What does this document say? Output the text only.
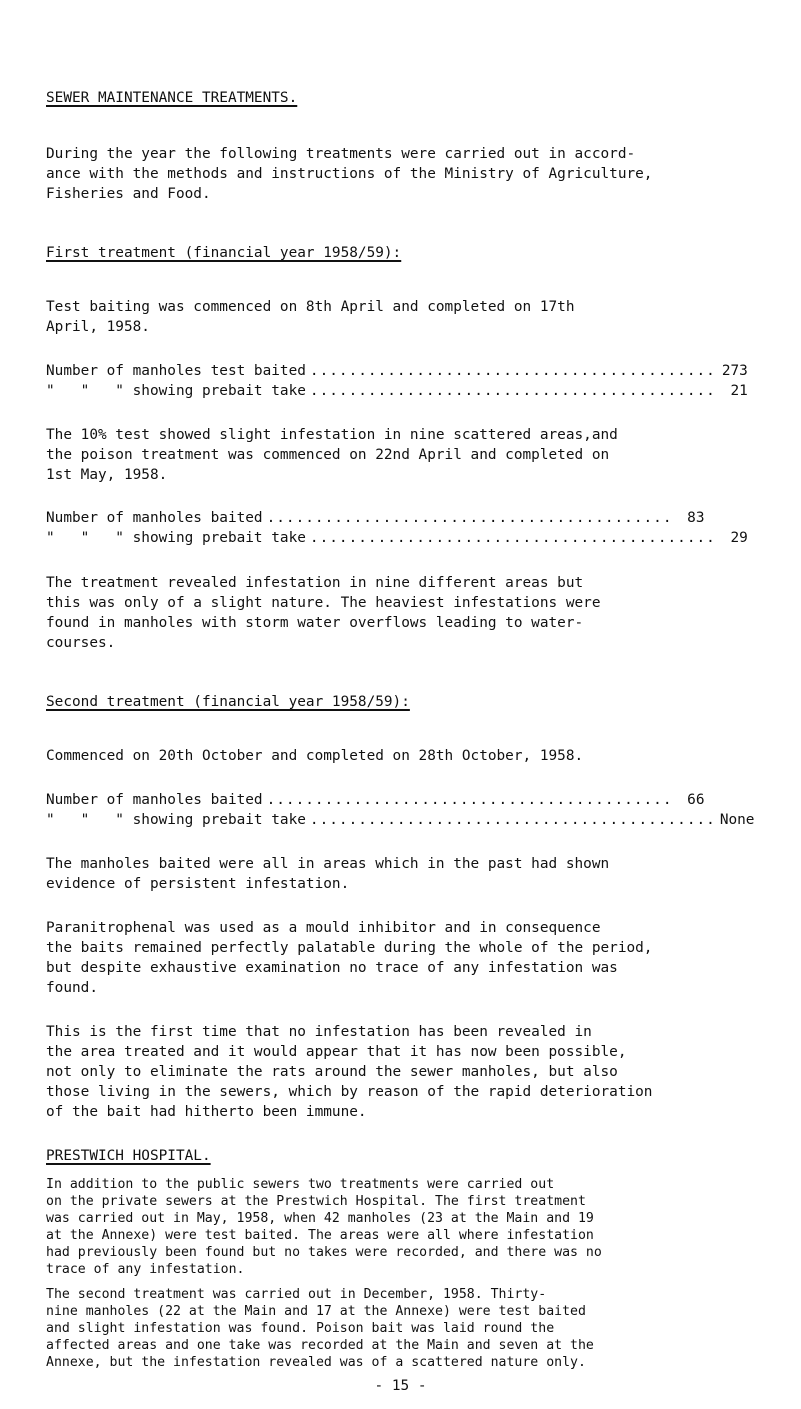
SEWER MAINTENANCE TREATMENTS.

During the year the following treatments were carried out in accord-
ance with the methods and instructions of the Ministry of Agriculture,
Fisheries and Food.

First treatment (financial year 1958/59):

Test baiting was commenced on 8th April and completed on 17th
April, 1958.

Number of manholes test baited .......................................... 273
"   "   " showing prebait take ..........................................	21

The 10% test showed slight infestation in nine scattered areas,and
the poison treatment was commenced on 22nd April and completed on
1st May, 1958.

Number of manholes baited ..........................................	83
"   "   " showing prebait take ..........................................	29

The treatment revealed infestation in nine different areas but
this was only of a slight nature. The heaviest infestations were
found in manholes with storm water overflows leading to water-
courses.

Second treatment (financial year 1958/59):

Commenced on 20th October and completed on 28th October, 1958.

Number of manholes baited ..........................................	66
"   "   " showing prebait take .......................................... None

The manholes baited were all in areas which in the past had shown
evidence of persistent infestation.

Paranitrophenal was used as a mould inhibitor and in consequence
the baits remained perfectly palatable during the whole of the period,
but despite exhaustive examination no trace of any infestation was
found.

This is the first time that no infestation has been revealed in
the area treated and it would appear that it has now been possible,
not only to eliminate the rats around the sewer manholes, but also
those living in the sewers, which by reason of the rapid deterioration
of the bait had hitherto been immune.

PRESTWICH HOSPITAL.

In addition to the public sewers two treatments were carried out
on the private sewers at the Prestwich Hospital. The first treatment
was carried out in May, 1958, when 42 manholes (23 at the Main and 19
at the Annexe) were test baited. The areas were all where infestation
had previously been found but no takes were recorded, and there was no
trace of any infestation.

- 15 -

The second treatment was carried out in December, 1958. Thirty-
nine manholes (22 at the Main and 17 at the Annexe) were test baited
and slight infestation was found. Poison bait was laid round the
affected areas and one take was recorded at the Main and seven at the
Annexe, but the infestation revealed was of a scattered nature only.
